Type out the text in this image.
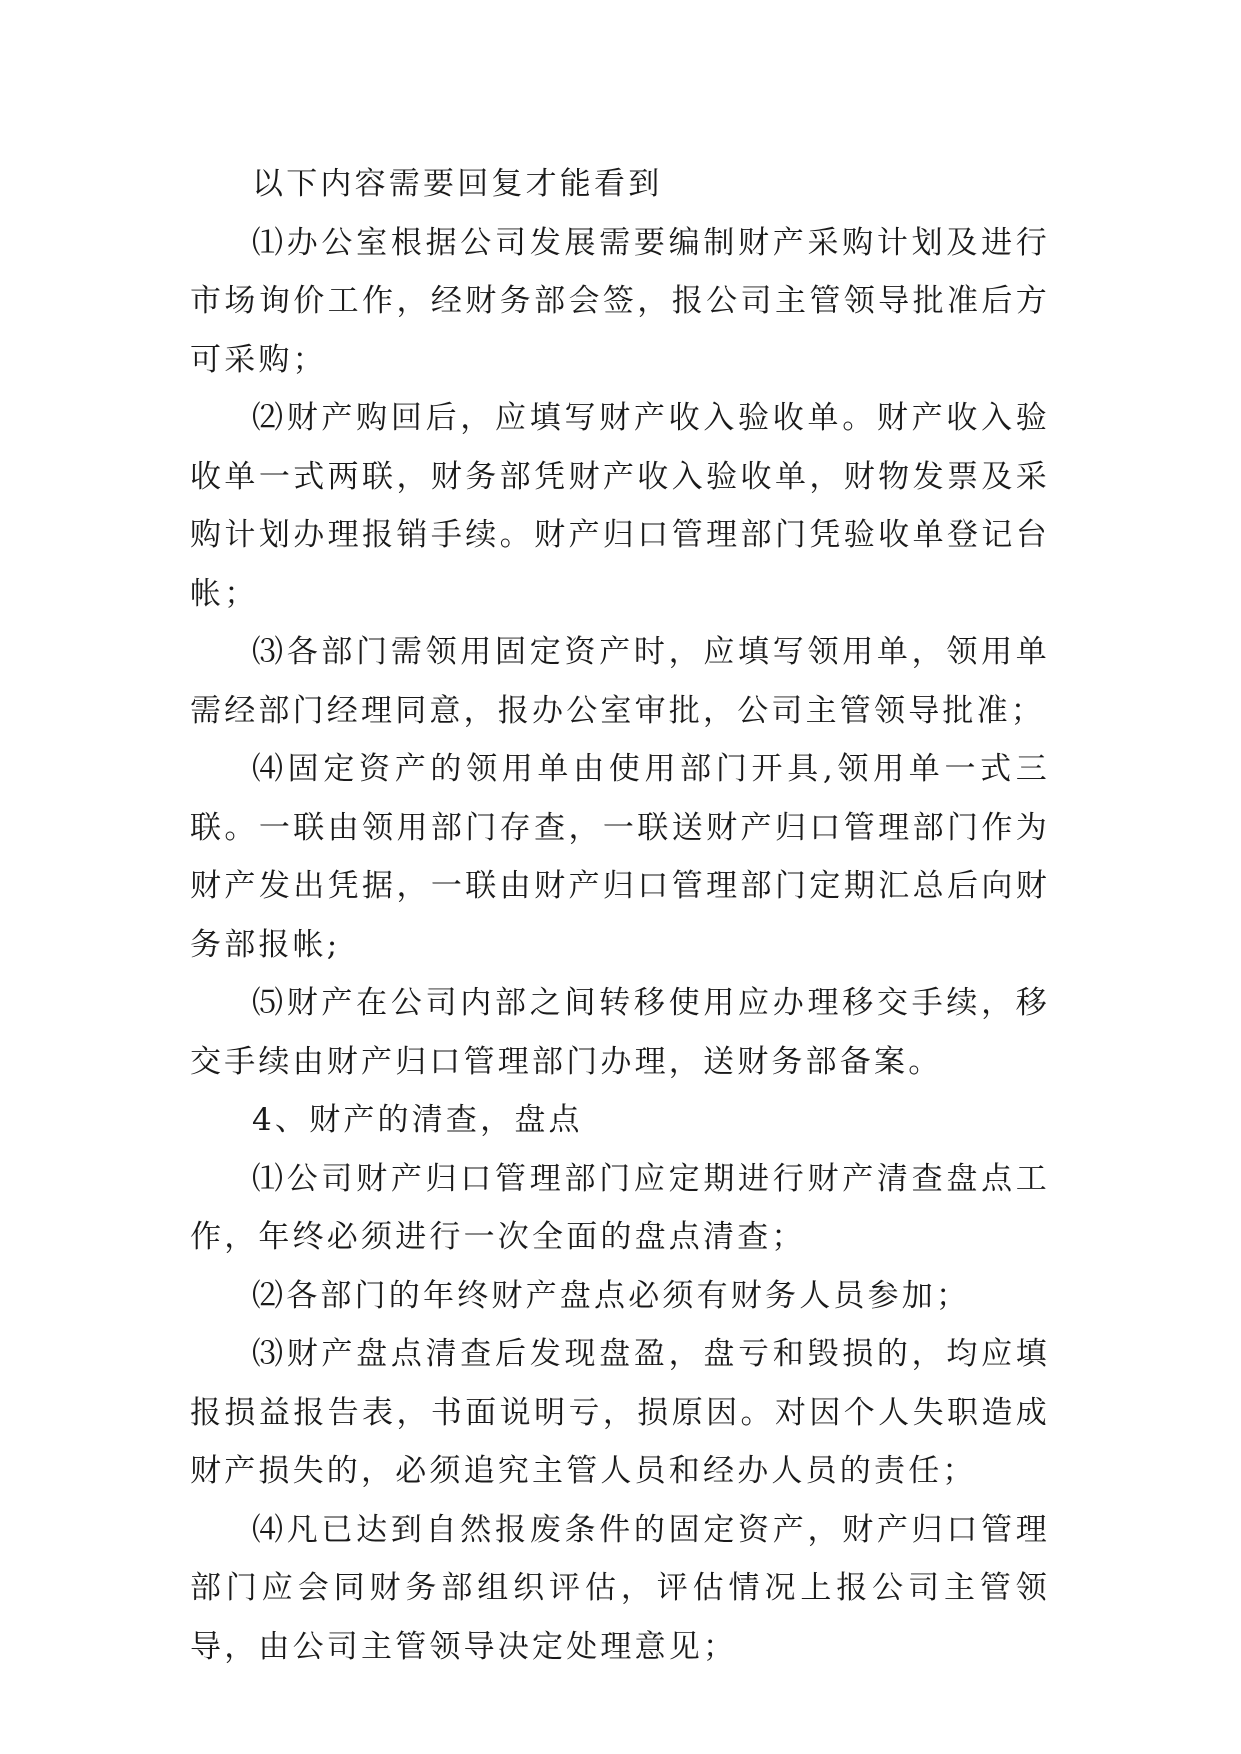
以下内容需要回复才能看到

⑴办公室根据公司发展需要编制财产采购计划及进行市场询价工作，经财务部会签，报公司主管领导批准后方可采购；

⑵财产购回后，应填写财产收入验收单。财产收入验收单一式两联，财务部凭财产收入验收单，财物发票及采购计划办理报销手续。财产归口管理部门凭验收单登记台帐；

⑶各部门需领用固定资产时，应填写领用单，领用单需经部门经理同意，报办公室审批，公司主管领导批准；

⑷固定资产的领用单由使用部门开具,领用单一式三联。一联由领用部门存查，一联送财产归口管理部门作为财产发出凭据，一联由财产归口管理部门定期汇总后向财务部报帐;

⑸财产在公司内部之间转移使用应办理移交手续，移交手续由财产归口管理部门办理，送财务部备案。

4、财产的清查，盘点

⑴公司财产归口管理部门应定期进行财产清查盘点工作，年终必须进行一次全面的盘点清查；

⑵各部门的年终财产盘点必须有财务人员参加；

⑶财产盘点清查后发现盘盈，盘亏和毁损的，均应填报损益报告表，书面说明亏，损原因。对因个人失职造成财产损失的，必须追究主管人员和经办人员的责任；

⑷凡已达到自然报废条件的固定资产，财产归口管理部门应会同财务部组织评估，评估情况上报公司主管领导，由公司主管领导决定处理意见；
